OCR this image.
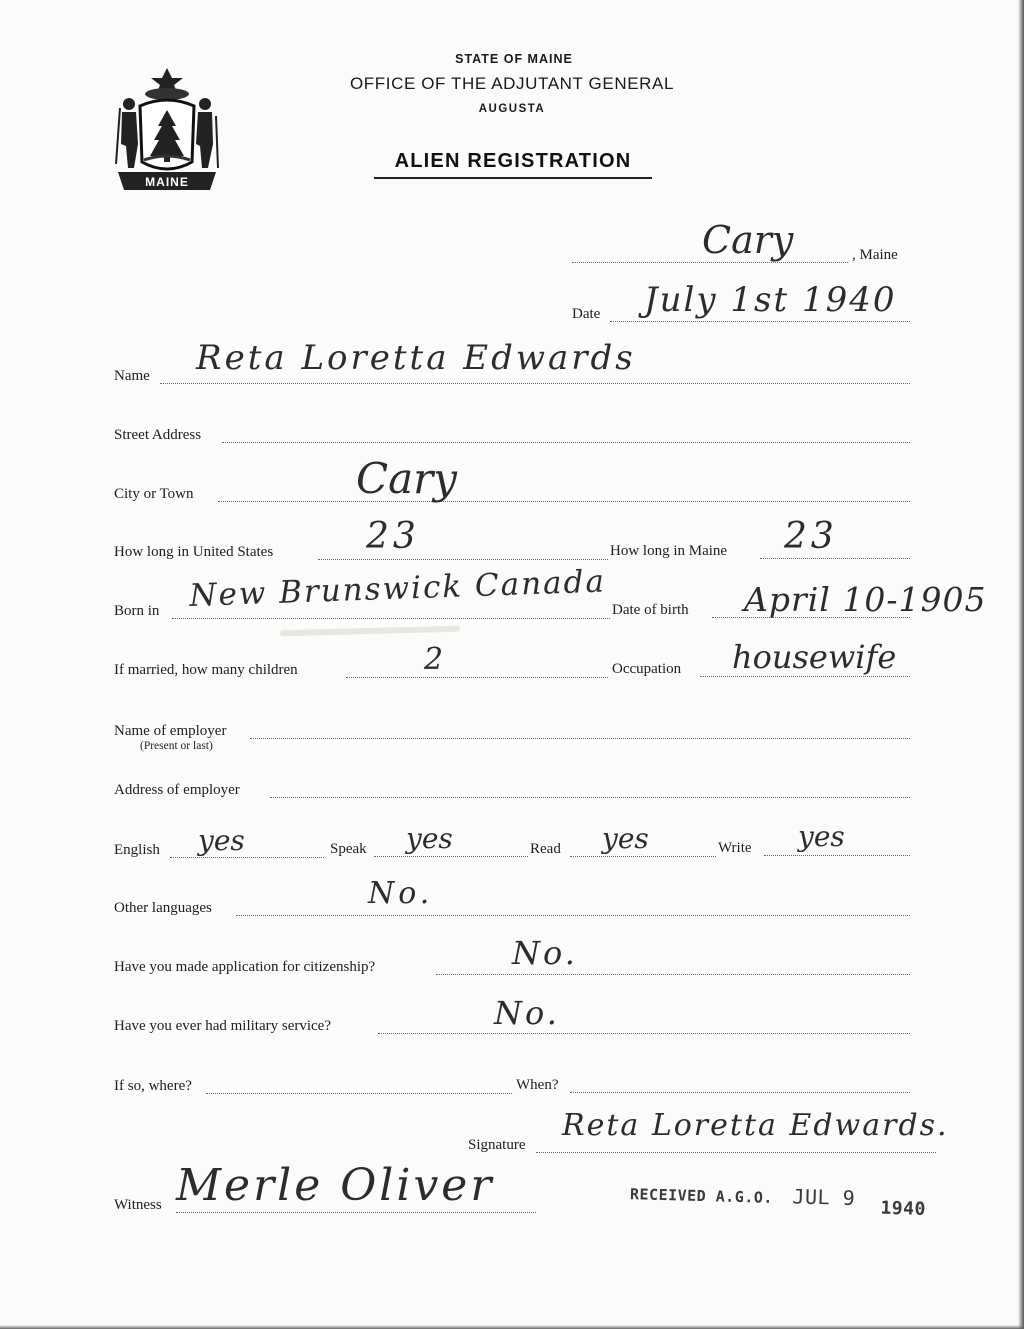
MAINE
STATE OF MAINE
OFFICE OF THE ADJUTANT GENERAL
AUGUSTA
ALIEN REGISTRATION
Cary	, Maine
Date July 1st 1940
Name Reta Loretta Edwards
Street Address
City or Town	Cary
How long in United States	23	How long in Maine 23
Born in New Brunswick Canada Date of birth April 10-1905
If married, how many children	2	Occupation housewife
Name of employer
(Present or last)
Address of employer
English yes	Speak yes	Read yes	Write yes
Other languages	No.
Have you made application for citizenship?	No.
Have you ever had military service?	No.
If so, where?	When?
Signature
Reta Loretta Edwards.
Witness Merle Oliver	RECEIVED A.G.O. JUL 9 1940
